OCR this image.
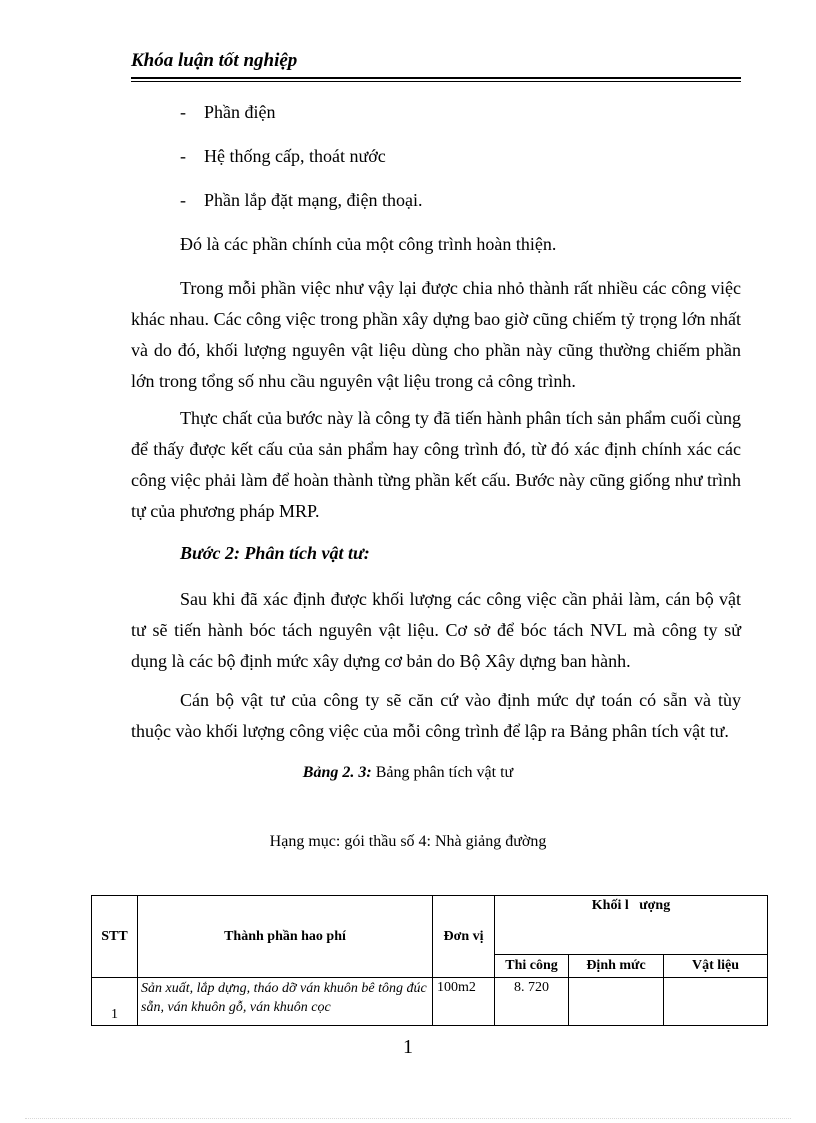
Khóa luận tốt nghiệp
- Phần điện
- Hệ thống cấp, thoát nước
- Phần lắp đặt mạng, điện thoại.

Đó là các phần chính của một công trình hoàn thiện.

Trong mỗi phần việc như vậy lại được chia nhỏ thành rất nhiều các công việc khác nhau. Các công việc trong phần xây dựng bao giờ cũng chiếm tỷ trọng lớn nhất và do đó, khối lượng nguyên vật liệu dùng cho phần này cũng thường chiếm phần lớn trong tổng số nhu cầu nguyên vật liệu trong cả công trình.

Thực chất của bước này là công ty đã tiến hành phân tích sản phẩm cuối cùng để thấy được kết cấu của sản phẩm hay công trình đó, từ đó xác định chính xác các công việc phải làm để hoàn thành từng phần kết cấu. Bước này cũng giống như trình tự của phương pháp MRP.

Bước 2: Phân tích vật tư:

Sau khi đã xác định được khối lượng các công việc cần phải làm, cán bộ vật tư sẽ tiến hành bóc tách nguyên vật liệu. Cơ sở để bóc tách NVL mà công ty sử dụng là các bộ định mức xây dựng cơ bản do Bộ Xây dựng ban hành.

Cán bộ vật tư của công ty sẽ căn cứ vào định mức dự toán có sẵn và tùy thuộc vào khối lượng công việc của mỗi công trình để lập ra Bảng phân tích vật tư.

Bảng 2. 3: Bảng phân tích vật tư
Hạng mục: gói thầu số 4: Nhà giảng đường
STT	Thành phần hao phí	Đơn vị	Khối l   ượng		
			Thi công	Định mức	Vật liệu
1	Sản xuất, lắp dựng, tháo dỡ ván khuôn bê tông đúc sẵn, ván khuôn gỗ, ván khuôn cọc	100m2	8. 720		
1
